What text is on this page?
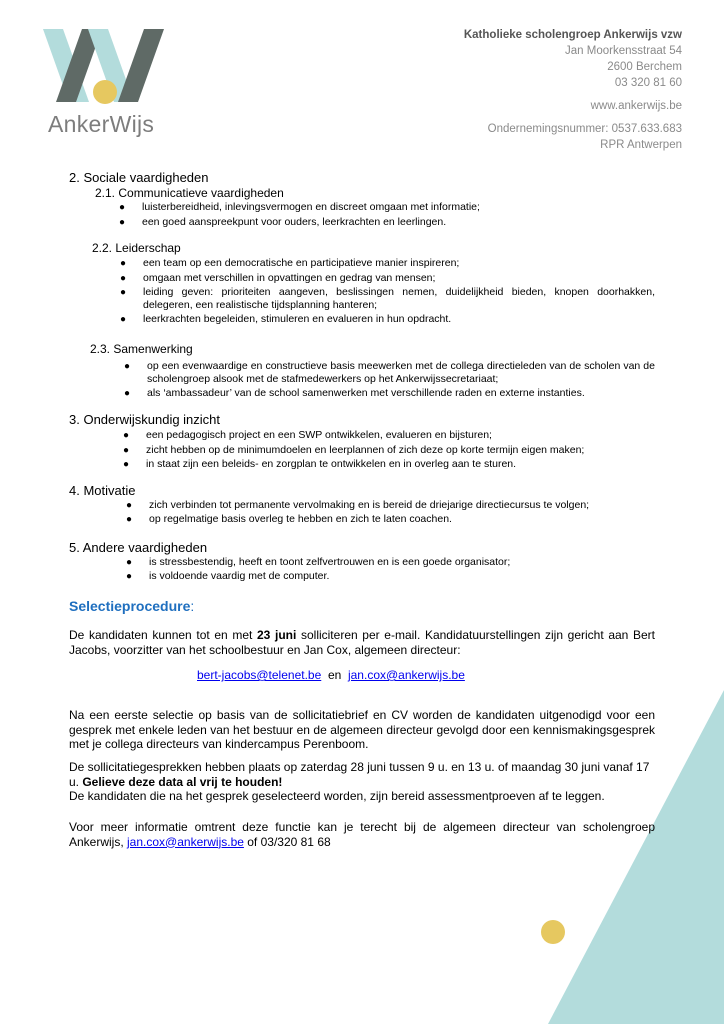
AnkerWijs
Katholieke scholengroep Ankerwijs vzw
Jan Moorkensstraat 54
2600 Berchem
03 320 81 60
www.ankerwijs.be
Ondernemingsnummer: 0537.633.683
RPR Antwerpen
2. Sociale vaardigheden
2.1. Communicatieve vaardigheden
● luisterbereidheid, inlevingsvermogen en discreet omgaan met informatie;
● een goed aanspreekpunt voor ouders, leerkrachten en leerlingen.
2.2. Leiderschap
● een team op een democratische en participatieve manier inspireren;
● omgaan met verschillen in opvattingen en gedrag van mensen;
● leiding geven: prioriteiten aangeven, beslissingen nemen, duidelijkheid bieden, knopen doorhakken, delegeren, een realistische tijdsplanning hanteren;
● leerkrachten begeleiden, stimuleren en evalueren in hun opdracht.
2.3. Samenwerking
● op een evenwaardige en constructieve basis meewerken met de collega directieleden van de scholen van de scholengroep alsook met de stafmedewerkers op het Ankerwijssecretariaat;
● als ‘ambassadeur’ van de school samenwerken met verschillende raden en externe instanties.
3. Onderwijskundig inzicht
● een pedagogisch project en een SWP ontwikkelen, evalueren en bijsturen;
● zicht hebben op de minimumdoelen en leerplannen of zich deze op korte termijn eigen maken;
● in staat zijn een beleids- en zorgplan te ontwikkelen en in overleg aan te sturen.
4. Motivatie
● zich verbinden tot permanente vervolmaking en is bereid de driejarige directiecursus te volgen;
● op regelmatige basis overleg te hebben en zich te laten coachen.
5. Andere vaardigheden
● is stressbestendig, heeft en toont zelfvertrouwen en is een goede organisator;
● is voldoende vaardig met de computer.
Selectieprocedure:
De kandidaten kunnen tot en met 23 juni solliciteren per e-mail. Kandidatuurstellingen zijn gericht aan Bert Jacobs, voorzitter van het schoolbestuur en Jan Cox, algemeen directeur:
bert-jacobs@telenet.be en jan.cox@ankerwijs.be
Na een eerste selectie op basis van de sollicitatiebrief en CV worden de kandidaten uitgenodigd voor een gesprek met enkele leden van het bestuur en de algemeen directeur gevolgd door een kennismakingsgesprek met je collega directeurs van kindercampus Perenboom.
De sollicitatiegesprekken hebben plaats op zaterdag 28 juni tussen 9 u. en 13 u. of maandag 30 juni vanaf 17 u. Gelieve deze data al vrij te houden!
De kandidaten die na het gesprek geselecteerd worden, zijn bereid assessmentproeven af te leggen.
Voor meer informatie omtrent deze functie kan je terecht bij de algemeen directeur van scholengroep Ankerwijs, jan.cox@ankerwijs.be of 03/320 81 68
